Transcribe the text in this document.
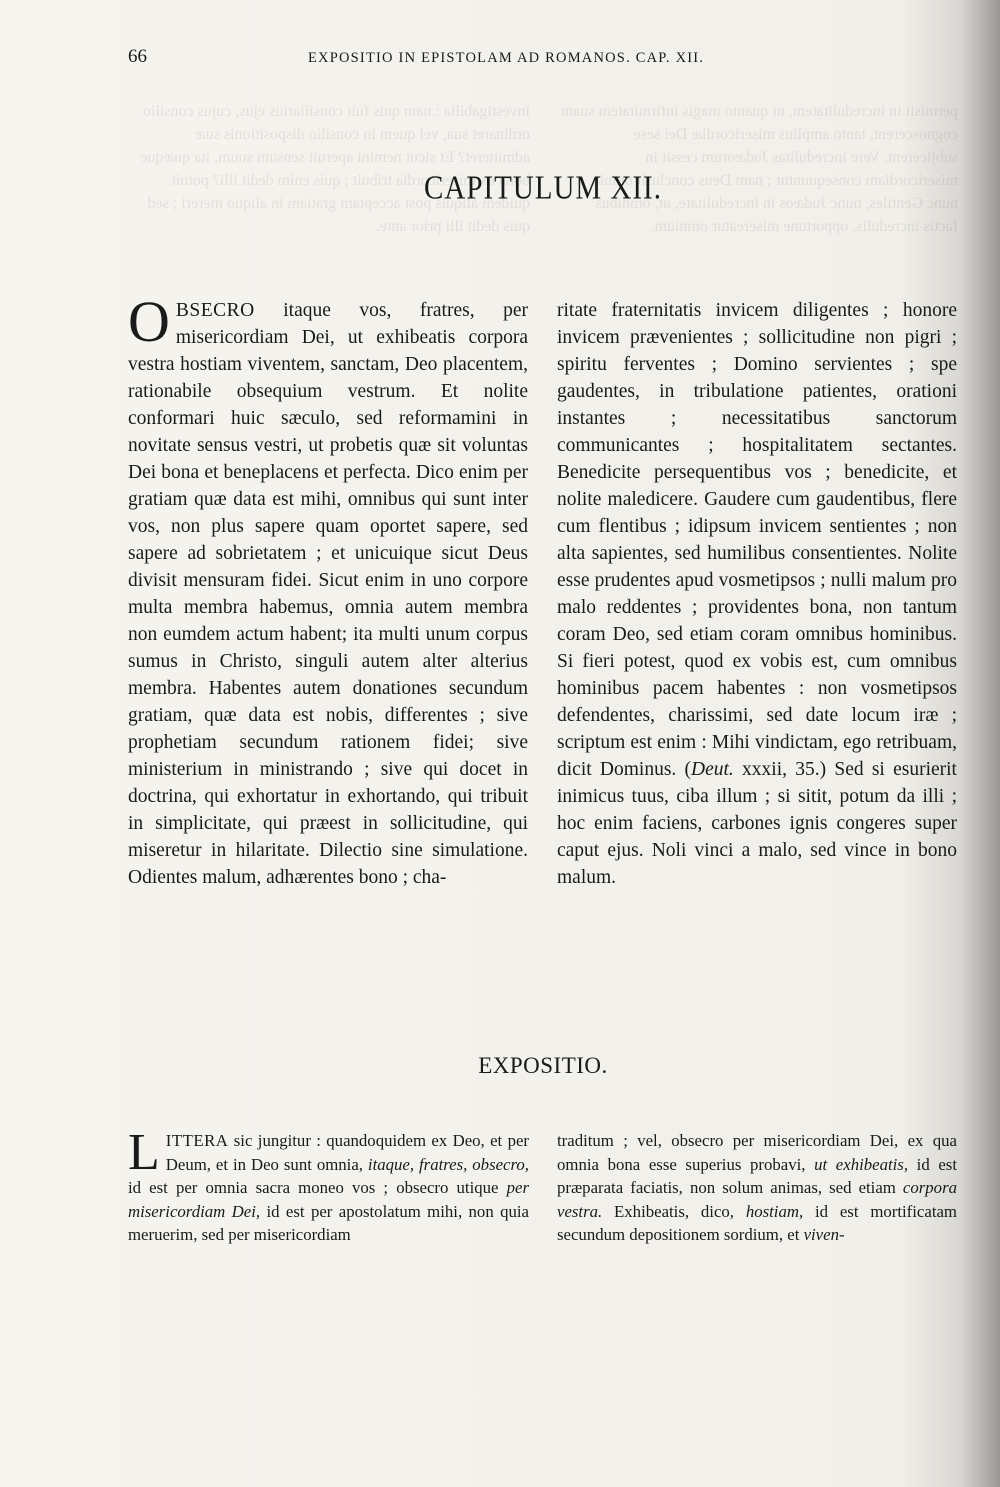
investigabilia : nam quis fuit consiliarius ejus, cujus consilio ordinaret sua, vel quem in consilio dispositionis suæ admitteret? Et sicut nemini aperuit sensum suum, ita quæque bona ex misericordia tribuit ; quis enim dedit illi? potuit quidem aliquis post acceptam gratiam in aliquo mereri ; sed quis dedit illi prior ante.
permisit in incredulitatem, ut quanto magis infirmitatem suam cognoscerent, tanto amplius misericordiæ Dei sese subjicerent. Vere incredulitas Judæorum cessit in misericordiam consequuntur ; nam Deus conclusit omnia, nunc Gentiles, nunc Judæos in incredulitate, ut, omnibus factis incredulis, opportune misereatur omnium.
66	EXPOSITIO IN EPISTOLAM AD ROMANOS. CAP. XII.
CAPITULUM XII.
OBSECRO itaque vos, fratres, per misericordiam Dei, ut exhibeatis corpora vestra hostiam viventem, sanctam, Deo placentem, rationabile obsequium vestrum. Et nolite conformari huic sæculo, sed reformamini in novitate sensus vestri, ut probetis quæ sit voluntas Dei bona et beneplacens et perfecta. Dico enim per gratiam quæ data est mihi, omnibus qui sunt inter vos, non plus sapere quam oportet sapere, sed sapere ad sobrietatem ; et unicuique sicut Deus divisit mensuram fidei. Sicut enim in uno corpore multa membra habemus, omnia autem membra non eumdem actum habent; ita multi unum corpus sumus in Christo, singuli autem alter alterius membra. Habentes autem donationes secundum gratiam, quæ data est nobis, differentes ; sive prophetiam secundum rationem fidei; sive ministerium in ministrando ; sive qui docet in doctrina, qui exhortatur in exhortando, qui tribuit in simplicitate, qui præest in sollicitudine, qui miseretur in hilaritate. Dilectio sine simulatione. Odientes malum, adhærentes bono ; cha-
ritate fraternitatis invicem diligentes ; honore invicem prævenientes ; sollicitudine non pigri ; spiritu ferventes ; Domino servientes ; spe gaudentes, in tribulatione patientes, orationi instantes ; necessitatibus sanctorum communicantes ; hospitalitatem sectantes. Benedicite persequentibus vos ; benedicite, et nolite maledicere. Gaudere cum gaudentibus, flere cum flentibus ; idipsum invicem sentientes ; non alta sapientes, sed humilibus consentientes. Nolite esse prudentes apud vosmetipsos ; nulli malum pro malo reddentes ; providentes bona, non tantum coram Deo, sed etiam coram omnibus hominibus. Si fieri potest, quod ex vobis est, cum omnibus hominibus pacem habentes : non vosmetipsos defendentes, charissimi, sed date locum iræ ; scriptum est enim : Mihi vindictam, ego retribuam, dicit Dominus. (Deut. xxxii, 35.) Sed si esurierit inimicus tuus, ciba illum ; si sitit, potum da illi ; hoc enim faciens, carbones ignis congeres super caput ejus. Noli vinci a malo, sed vince in bono malum.
EXPOSITIO.
LITTERA sic jungitur : quandoquidem ex Deo, et per Deum, et in Deo sunt omnia, itaque, fratres, obsecro, id est per omnia sacra moneo vos ; obsecro utique per misericordiam Dei, id est per apostolatum mihi, non quia meruerim, sed per misericordiam
traditum ; vel, obsecro per misericordiam Dei, ex qua omnia bona esse superius probavi, ut exhibeatis, id est præparata faciatis, non solum animas, sed etiam corpora vestra. Exhibeatis, dico, hostiam, id est mortificatam secundum depositionem sordium, et viven-
